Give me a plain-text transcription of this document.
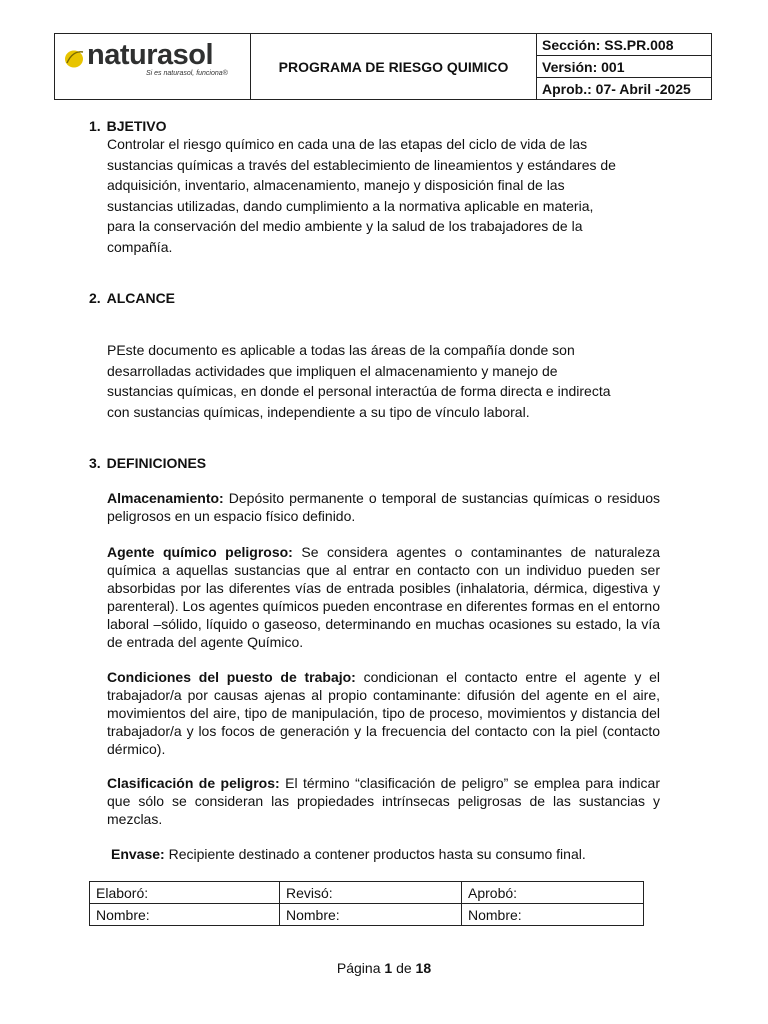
naturasol
Si es naturasol, funciona®	PROGRAMA DE RIESGO QUIMICO
Sección: SS.PR.008
Versión: 001
Aprob.: 07- Abril -2025
1. BJETIVO
Controlar el riesgo químico en cada una de las etapas del ciclo de vida de las
sustancias químicas a través del establecimiento de lineamientos y estándares de
adquisición, inventario, almacenamiento, manejo y disposición final de las
sustancias utilizadas, dando cumplimiento a la normativa aplicable en materia,
para la conservación del medio ambiente y la salud de los trabajadores de la
compañía.
2. ALCANCE
PEste documento es aplicable a todas las áreas de la compañía donde son
desarrolladas actividades que impliquen el almacenamiento y manejo de
sustancias químicas, en donde el personal interactúa de forma directa e indirecta
con sustancias químicas, independiente a su tipo de vínculo laboral.
3. DEFINICIONES
Almacenamiento: Depósito permanente o temporal de sustancias químicas o residuos peligrosos en un espacio físico definido.
Agente químico peligroso: Se considera agentes o contaminantes de naturaleza química a aquellas sustancias que al entrar en contacto con un individuo pueden ser absorbidas por las diferentes vías de entrada posibles (inhalatoria, dérmica, digestiva y parenteral). Los agentes químicos pueden encontrase en diferentes formas en el entorno laboral –sólido, líquido o gaseoso, determinando en muchas ocasiones su estado, la vía de entrada del agente Químico.
Condiciones del puesto de trabajo: condicionan el contacto entre el agente y el trabajador/a por causas ajenas al propio contaminante: difusión del agente en el aire, movimientos del aire, tipo de manipulación, tipo de proceso, movimientos y distancia del trabajador/a y los focos de generación y la frecuencia del contacto con la piel (contacto dérmico).
Clasificación de peligros: El término “clasificación de peligro” se emplea para indicar que sólo se consideran las propiedades intrínsecas peligrosas de las sustancias y mezclas.
Envase: Recipiente destinado a contener productos hasta su consumo final.
Elaboró:	Revisó:	Aprobó:
Nombre:	Nombre:	Nombre:
Página 1 de 18
